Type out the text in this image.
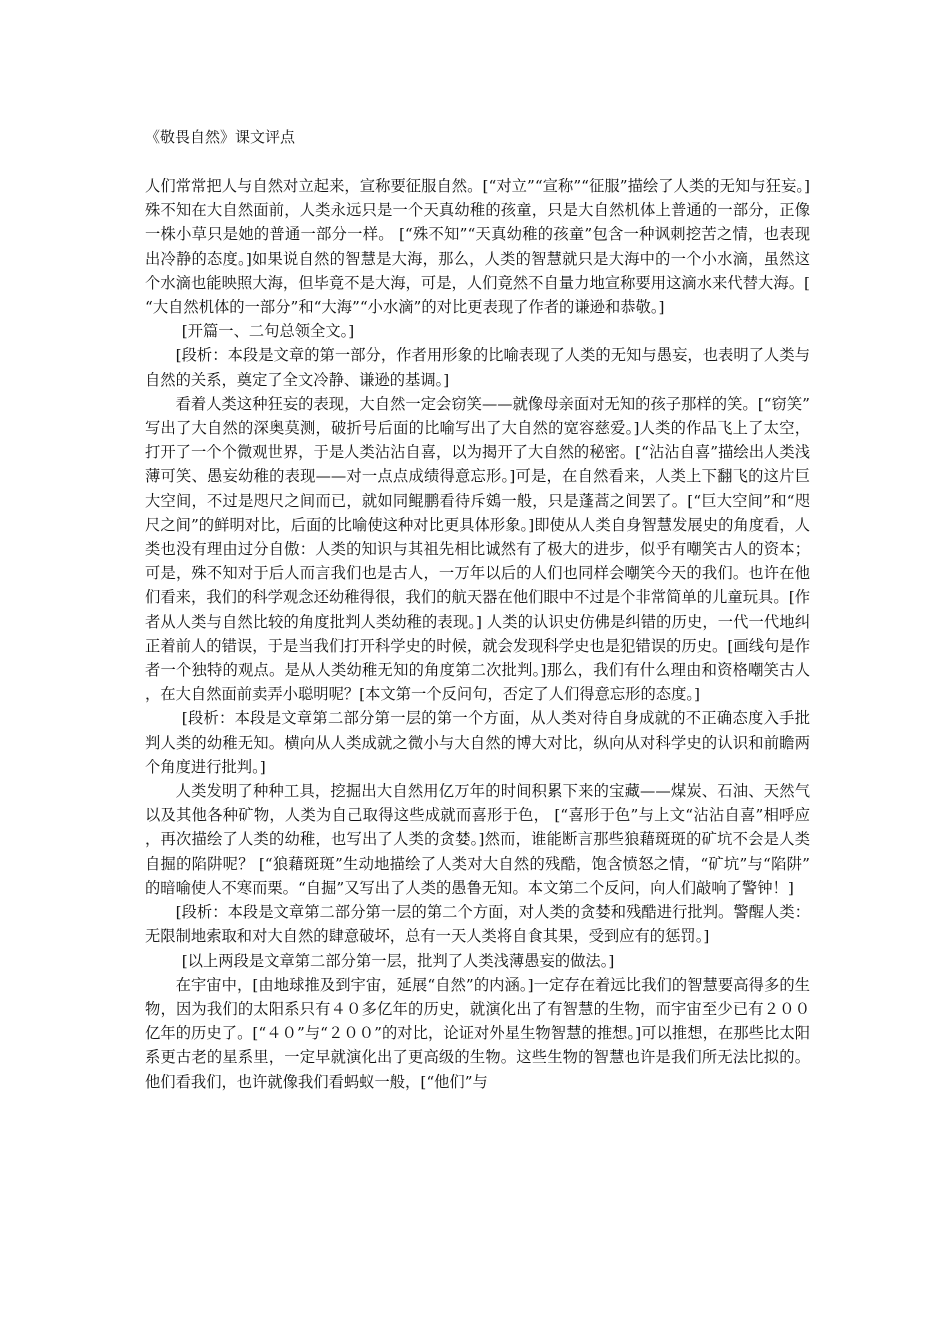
《敬畏自然》课文评点

人们常常把人与自然对立起来，宣称要征服自然。[“对立”“宣称”“征服”描绘了人类的无知与狂妄。]殊不知在大自然面前，人类永远只是一个天真幼稚的孩童，只是大自然机体上普通的一部分，正像一株小草只是她的普通一部分一样。 [“殊不知”“天真幼稚的孩童”包含一种讽刺挖苦之情，也表现出冷静的态度。]如果说自然的智慧是大海，那么，人类的智慧就只是大海中的一个小水滴，虽然这个水滴也能映照大海，但毕竟不是大海，可是，人们竟然不自量力地宣称要用这滴水来代替大海。[“大自然机体的一部分”和“大海”“小水滴”的对比更表现了作者的谦逊和恭敬。]

[开篇一、二句总领全文。]

[段析：本段是文章的第一部分，作者用形象的比喻表现了人类的无知与愚妄，也表明了人类与自然的关系，奠定了全文冷静、谦逊的基调。]

看着人类这种狂妄的表现，大自然一定会窃笑——就像母亲面对无知的孩子那样的笑。[“窃笑”写出了大自然的深奥莫测，破折号后面的比喻写出了大自然的宽容慈爱。]人类的作品飞上了太空，打开了一个个微观世界，于是人类沾沾自喜，以为揭开了大自然的秘密。[“沾沾自喜”描绘出人类浅薄可笑、愚妄幼稚的表现——对一点点成绩得意忘形。]可是，在自然看来，人类上下翻飞的这片巨大空间，不过是咫尺之间而已，就如同鲲鹏看待斥鴳一般，只是蓬蒿之间罢了。[“巨大空间”和“咫尺之间”的鲜明对比，后面的比喻使这种对比更具体形象。]即使从人类自身智慧发展史的角度看，人类也没有理由过分自傲：人类的知识与其祖先相比诚然有了极大的进步，似乎有嘲笑古人的资本；可是，殊不知对于后人而言我们也是古人，一万年以后的人们也同样会嘲笑今天的我们。也许在他们看来，我们的科学观念还幼稚得很，我们的航天器在他们眼中不过是个非常简单的儿童玩具。[作者从人类与自然比较的角度批判人类幼稚的表现。] 人类的认识史仿佛是纠错的历史，一代一代地纠正着前人的错误，于是当我们打开科学史的时候，就会发现科学史也是犯错误的历史。[画线句是作者一个独特的观点。是从人类幼稚无知的角度第二次批判。]那么，我们有什么理由和资格嘲笑古人，在大自然面前卖弄小聪明呢？[本文第一个反问句，否定了人们得意忘形的态度。]

[段析：本段是文章第二部分第一层的第一个方面，从人类对待自身成就的不正确态度入手批判人类的幼稚无知。横向从人类成就之微小与大自然的博大对比，纵向从对科学史的认识和前瞻两个角度进行批判。]

人类发明了种种工具，挖掘出大自然用亿万年的时间积累下来的宝藏——煤炭、石油、天然气以及其他各种矿物，人类为自己取得这些成就而喜形于色， [“喜形于色”与上文“沾沾自喜”相呼应，再次描绘了人类的幼稚，也写出了人类的贪婪。]然而，谁能断言那些狼藉斑斑的矿坑不会是人类自掘的陷阱呢？ [“狼藉斑斑”生动地描绘了人类对大自然的残酷，饱含愤怒之情，“矿坑”与“陷阱”的暗喻使人不寒而栗。“自掘”又写出了人类的愚鲁无知。本文第二个反问，向人们敲响了警钟！]

[段析：本段是文章第二部分第一层的第二个方面，对人类的贪婪和残酷进行批判。警醒人类：无限制地索取和对大自然的肆意破坏，总有一天人类将自食其果，受到应有的惩罚。]

[以上两段是文章第二部分第一层，批判了人类浅薄愚妄的做法。]

在宇宙中，[由地球推及到宇宙，延展“自然”的内涵。]一定存在着远比我们的智慧要高得多的生物，因为我们的太阳系只有４０多亿年的历史，就演化出了有智慧的生物，而宇宙至少已有２００亿年的历史了。[“４０”与“２００”的对比，论证对外星生物智慧的推想。]可以推想，在那些比太阳系更古老的星系里，一定早就演化出了更高级的生物。这些生物的智慧也许是我们所无法比拟的。他们看我们，也许就像我们看蚂蚁一般，[“他们”与
